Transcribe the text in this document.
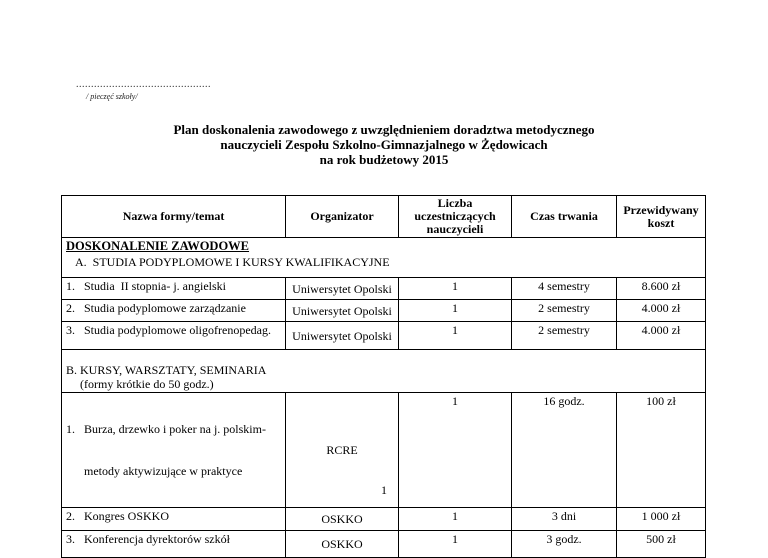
.............................................
/ pieczęć szkoły/
Plan doskonalenia zawodowego z uwzględnieniem doradztwa metodycznego
nauczycieli Zespołu Szkolno-Gimnazjalnego w Żędowicach
na rok budżetowy 2015
Nazwa formy/temat	Organizator	Liczba uczestniczących nauczycieli	Czas trwania	Przewidywany koszt

DOSKONALENIE ZAWODOWE
A.  STUDIA PODYPLOMOWE I KURSY KWALIFIKACYJNE				

1.   Studia  II stopnia- j. angielski	Uniwersytet Opolski	1	4 semestry	8.600 zł
2.   Studia podyplomowe zarządzanie	Uniwersytet Opolski	1	2 semestry	4.000 zł
3.   Studia podyplomowe oligofrenopedag.	Uniwersytet Opolski	1	2 semestry	4.000 zł

B. KURSY, WARSZTATY, SEMINARIA
(formy krótkie do 50 godz.)				

1.   Burza, drzewko i poker na j. polskim-

metody aktywizujące w praktyce	RCRE	1	16 godz.	100 zł
2.   Kongres OSKKO	OSKKO	1	3 dni	1 000 zł
3.   Konferencja dyrektorów szkół	OSKKO	1	3 godz.	500 zł
1
